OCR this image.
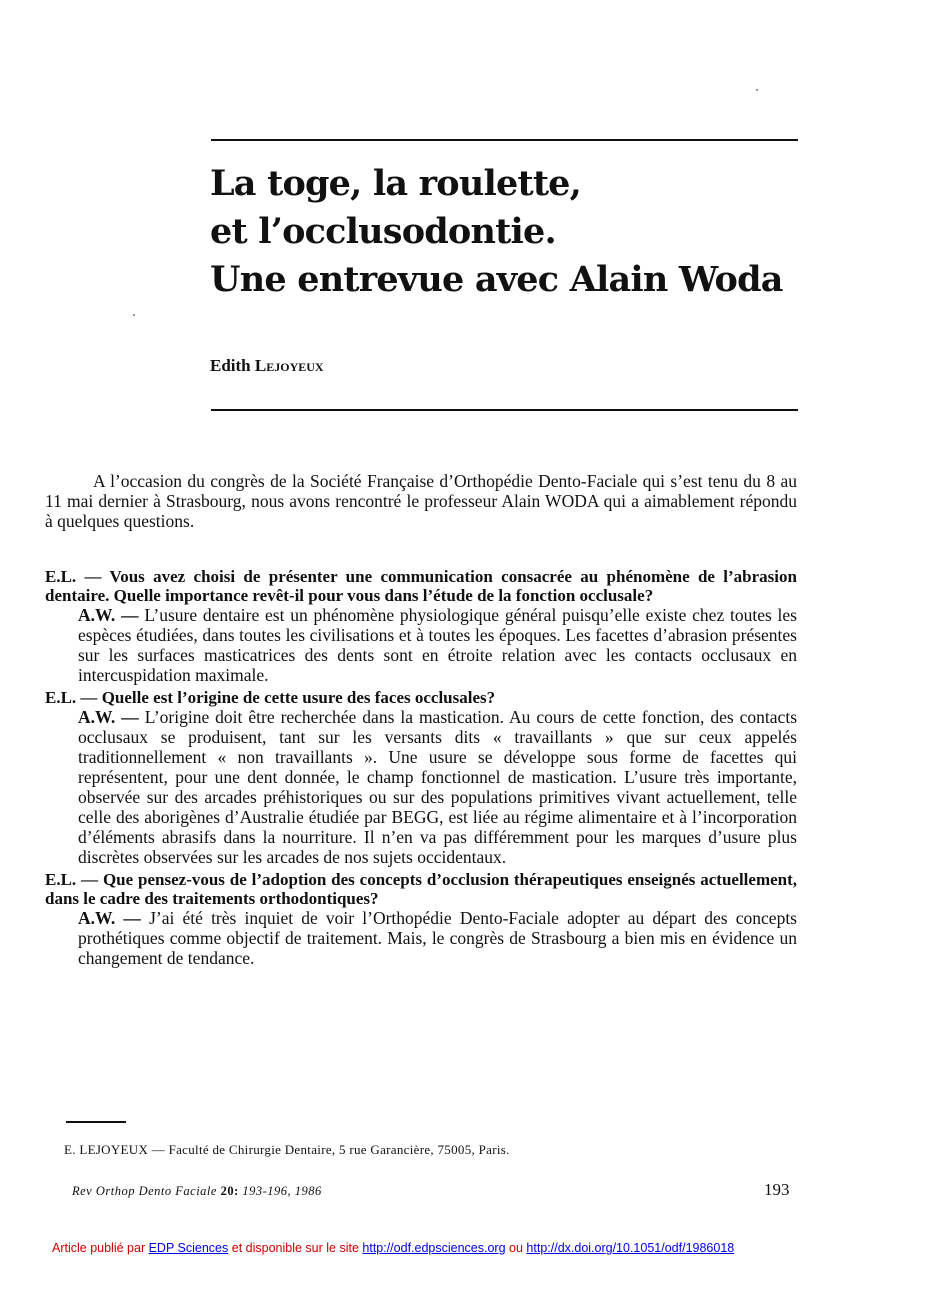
La toge, la roulette,
et l’occlusodontie.
Une entrevue avec Alain Woda
Edith Lejoyeux

A l’occasion du congrès de la Société Française d’Orthopédie Dento-Faciale qui s’est tenu du 8 au 11 mai dernier à Strasbourg, nous avons rencontré le professeur Alain WODA qui a aimablement répondu à quelques questions.

E.L. — Vous avez choisi de présenter une communication consacrée au phénomène de l’abrasion dentaire. Quelle importance revêt-il pour vous dans l’étude de la fonction occlusale?

A.W. — L’usure dentaire est un phénomène physiologique général puisqu’elle existe chez toutes les espèces étudiées, dans toutes les civilisations et à toutes les époques. Les facettes d’abrasion présentes sur les surfaces masticatrices des dents sont en étroite relation avec les contacts occlusaux en intercuspidation maximale.

E.L. — Quelle est l’origine de cette usure des faces occlusales?

A.W. — L’origine doit être recherchée dans la mastication. Au cours de cette fonction, des contacts occlusaux se produisent, tant sur les versants dits « travaillants » que sur ceux appelés traditionnellement « non travaillants ». Une usure se développe sous forme de facettes qui représentent, pour une dent donnée, le champ fonctionnel de mastication. L’usure très importante, observée sur des arcades préhistoriques ou sur des populations primitives vivant actuellement, telle celle des aborigènes d’Australie étudiée par BEGG, est liée au régime alimentaire et à l’incorporation d’éléments abrasifs dans la nourriture. Il n’en va pas différemment pour les marques d’usure plus discrètes observées sur les arcades de nos sujets occidentaux.

E.L. — Que pensez-vous de l’adoption des concepts d’occlusion thérapeutiques enseignés actuellement, dans le cadre des traitements orthodontiques?

A.W. — J’ai été très inquiet de voir l’Orthopédie Dento-Faciale adopter au départ des concepts prothétiques comme objectif de traitement. Mais, le congrès de Strasbourg a bien mis en évidence un changement de tendance.

E. LEJOYEUX — Faculté de Chirurgie Dentaire, 5 rue Garancière, 75005, Paris.
Rev Orthop Dento Faciale 20: 193-196, 1986	193
Article publié par EDP Sciences et disponible sur le site http://odf.edpsciences.org ou http://dx.doi.org/10.1051/odf/1986018
